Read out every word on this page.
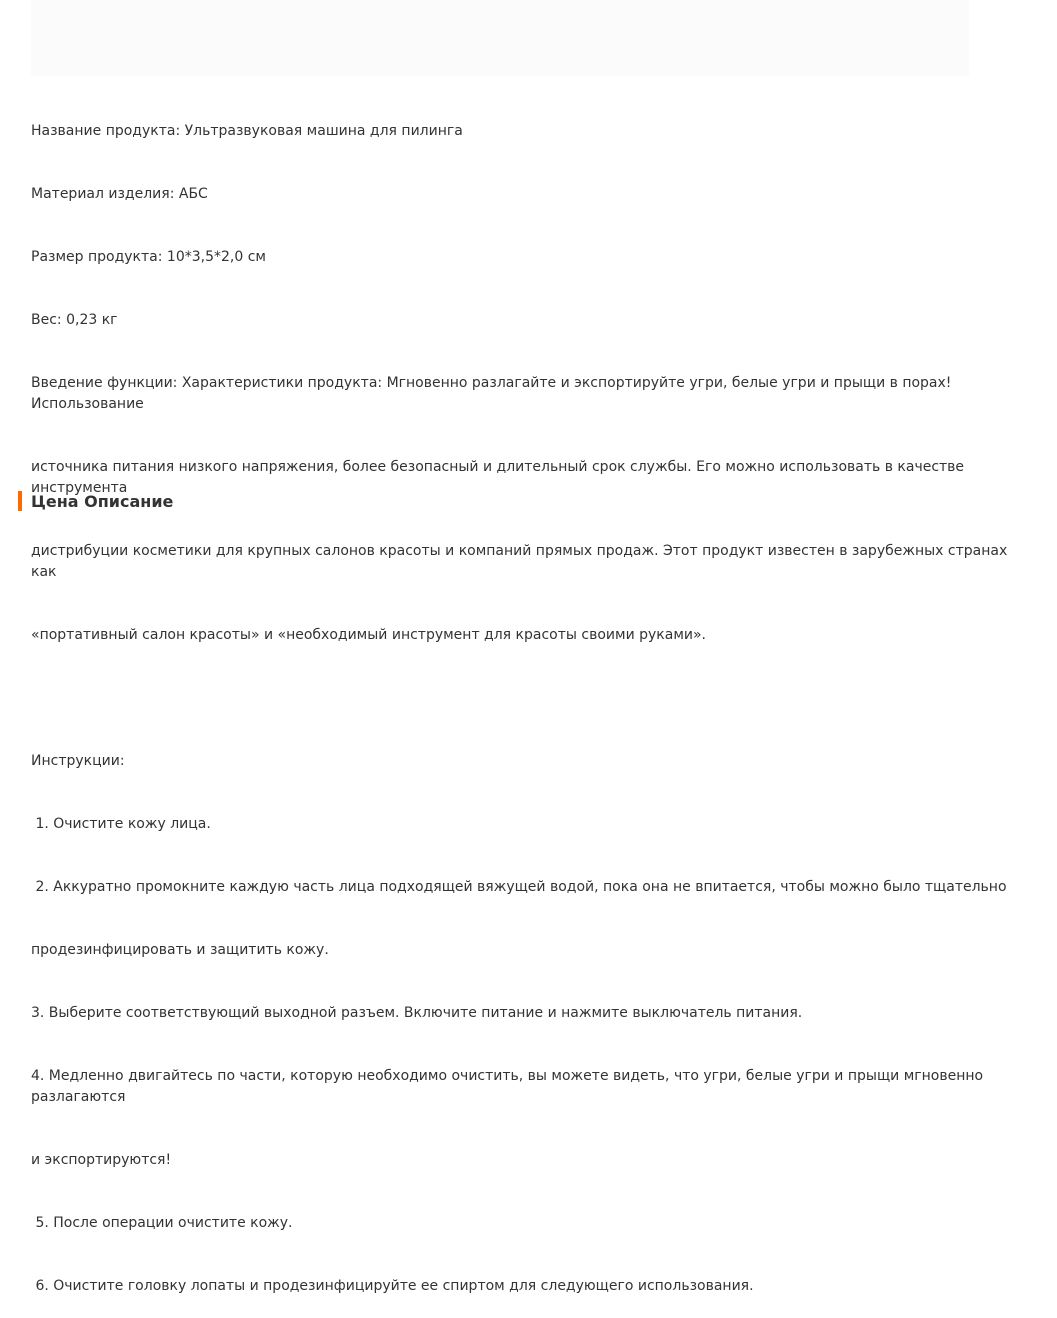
Название продукта: Ультразвуковая машина для пилинга

Материал изделия: АБС

Размер продукта: 10*3,5*2,0 см

Вес: 0,23 кг

Введение функции: Характеристики продукта: Мгновенно разлагайте и экспортируйте угри, белые угри и прыщи в порах! Использование

источника питания низкого напряжения, более безопасный и длительный срок службы. Его можно использовать в качестве инструмента

дистрибуции косметики для крупных салонов красоты и компаний прямых продаж. Этот продукт известен в зарубежных странах как

«портативный салон красоты» и «необходимый инструмент для красоты своими руками».

Инструкции:

1. Очистите кожу лица.

2. Аккуратно промокните каждую часть лица подходящей вяжущей водой, пока она не впитается, чтобы можно было тщательно

продезинфицировать и защитить кожу.

3. Выберите соответствующий выходной разъем. Включите питание и нажмите выключатель питания.

4. Медленно двигайтесь по части, которую необходимо очистить, вы можете видеть, что угри, белые угри и прыщи мгновенно разлагаются

и экспортируются!

5. После операции очистите кожу.

6. Очистите головку лопаты и продезинфицируйте ее спиртом для следующего использования.

Цена Описание
